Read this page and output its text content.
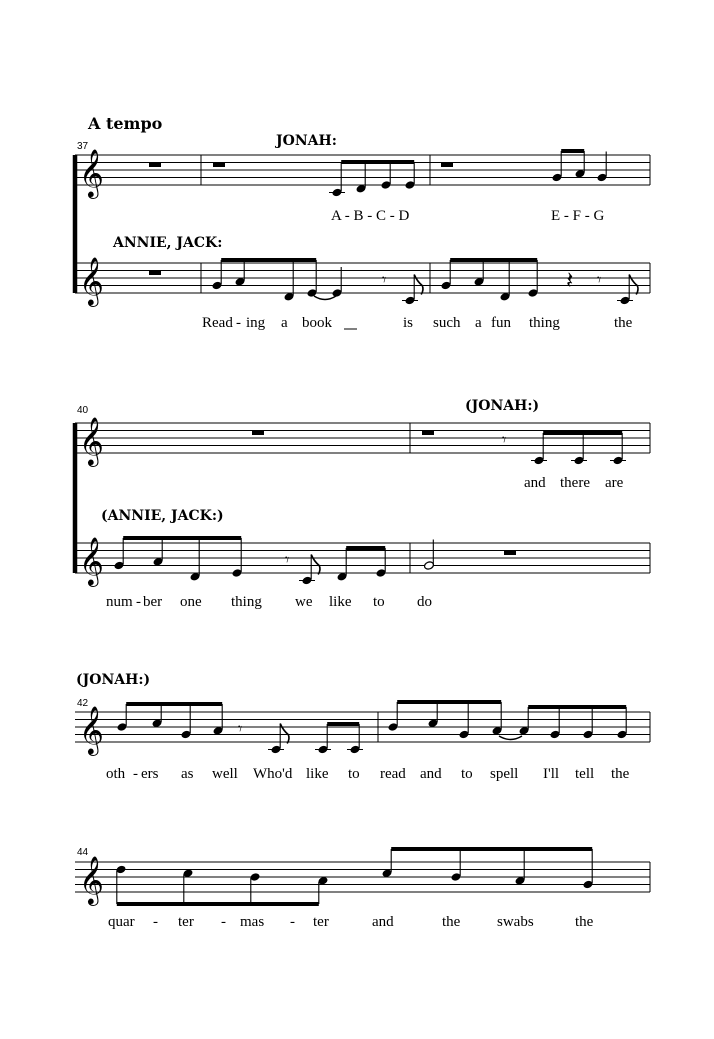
A tempo
37
40
42
44
JONAH:
ANNIE, JACK:
(JONAH:)
(ANNIE, JACK:)
(JONAH:)
A - B - C - D	E - F - G
Read - ing a book	is such a fun thing	the
and there are
num - ber one thing we like to do
oth - ers as well Who'd like to read and to spell I'll tell the
quar - ter - mas - ter	and	the swabs	the
𝄞
𝄞	𝄾	𝄽 𝄾
𝄞
𝄞
𝄾
𝄾
𝄞	𝄾
𝄞
